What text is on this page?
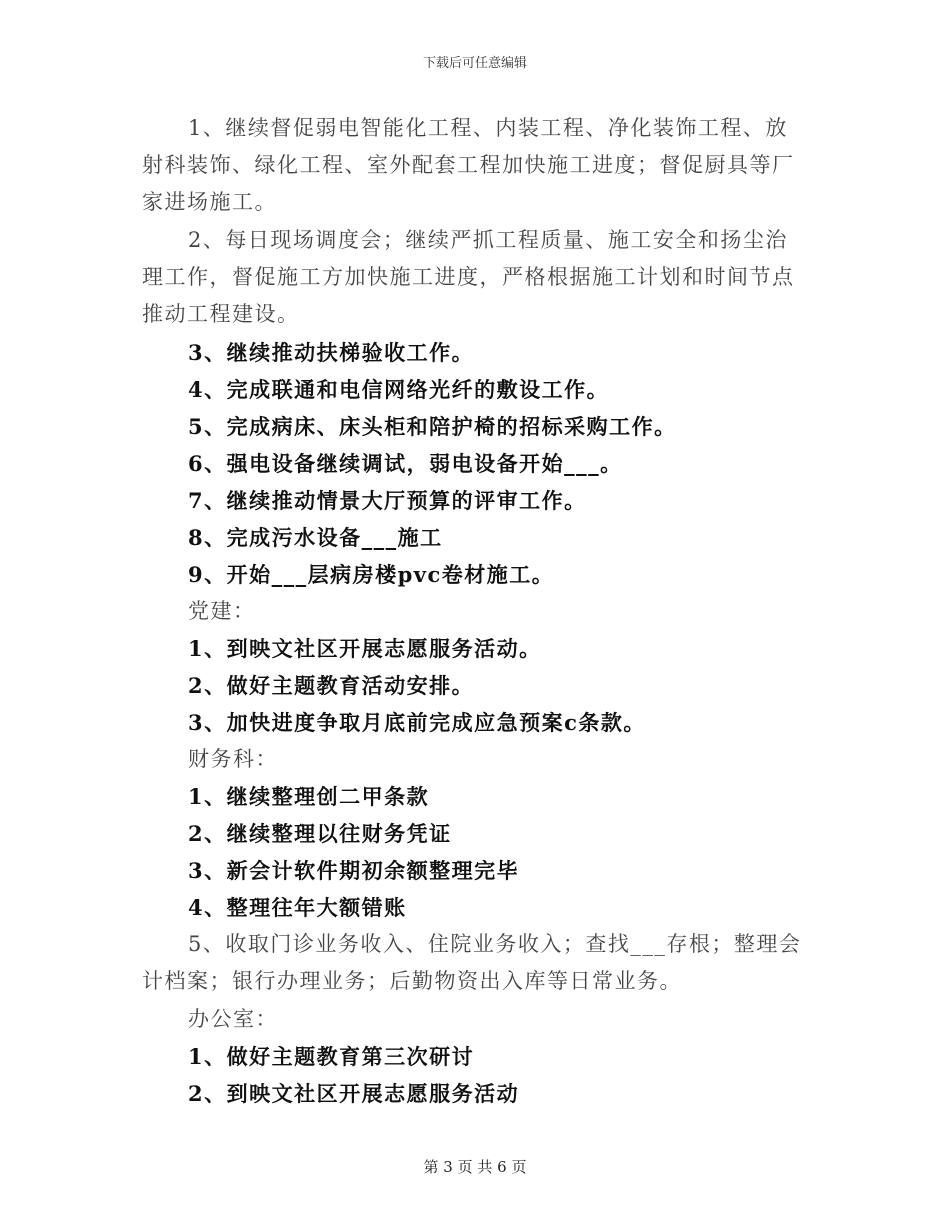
下载后可任意编辑

1、继续督促弱电智能化工程、内装工程、净化装饰工程、放射科装饰、绿化工程、室外配套工程加快施工进度；督促厨具等厂家进场施工。

2、每日现场调度会；继续严抓工程质量、施工安全和扬尘治理工作，督促施工方加快施工进度，严格根据施工计划和时间节点推动工程建设。

3、继续推动扶梯验收工作。

4、完成联通和电信网络光纤的敷设工作。

5、完成病床、床头柜和陪护椅的招标采购工作。

6、强电设备继续调试，弱电设备开始___。

7、继续推动情景大厅预算的评审工作。

8、完成污水设备___施工

9、开始___层病房楼pvc卷材施工。

党建：

1、到映文社区开展志愿服务活动。

2、做好主题教育活动安排。

3、加快进度争取月底前完成应急预案c条款。

财务科：

1、继续整理创二甲条款

2、继续整理以往财务凭证

3、新会计软件期初余额整理完毕

4、整理往年大额错账

5、收取门诊业务收入、住院业务收入；查找___存根；整理会计档案；银行办理业务；后勤物资出入库等日常业务。

办公室：

1、做好主题教育第三次研讨

2、到映文社区开展志愿服务活动

第 3 页 共 6 页
